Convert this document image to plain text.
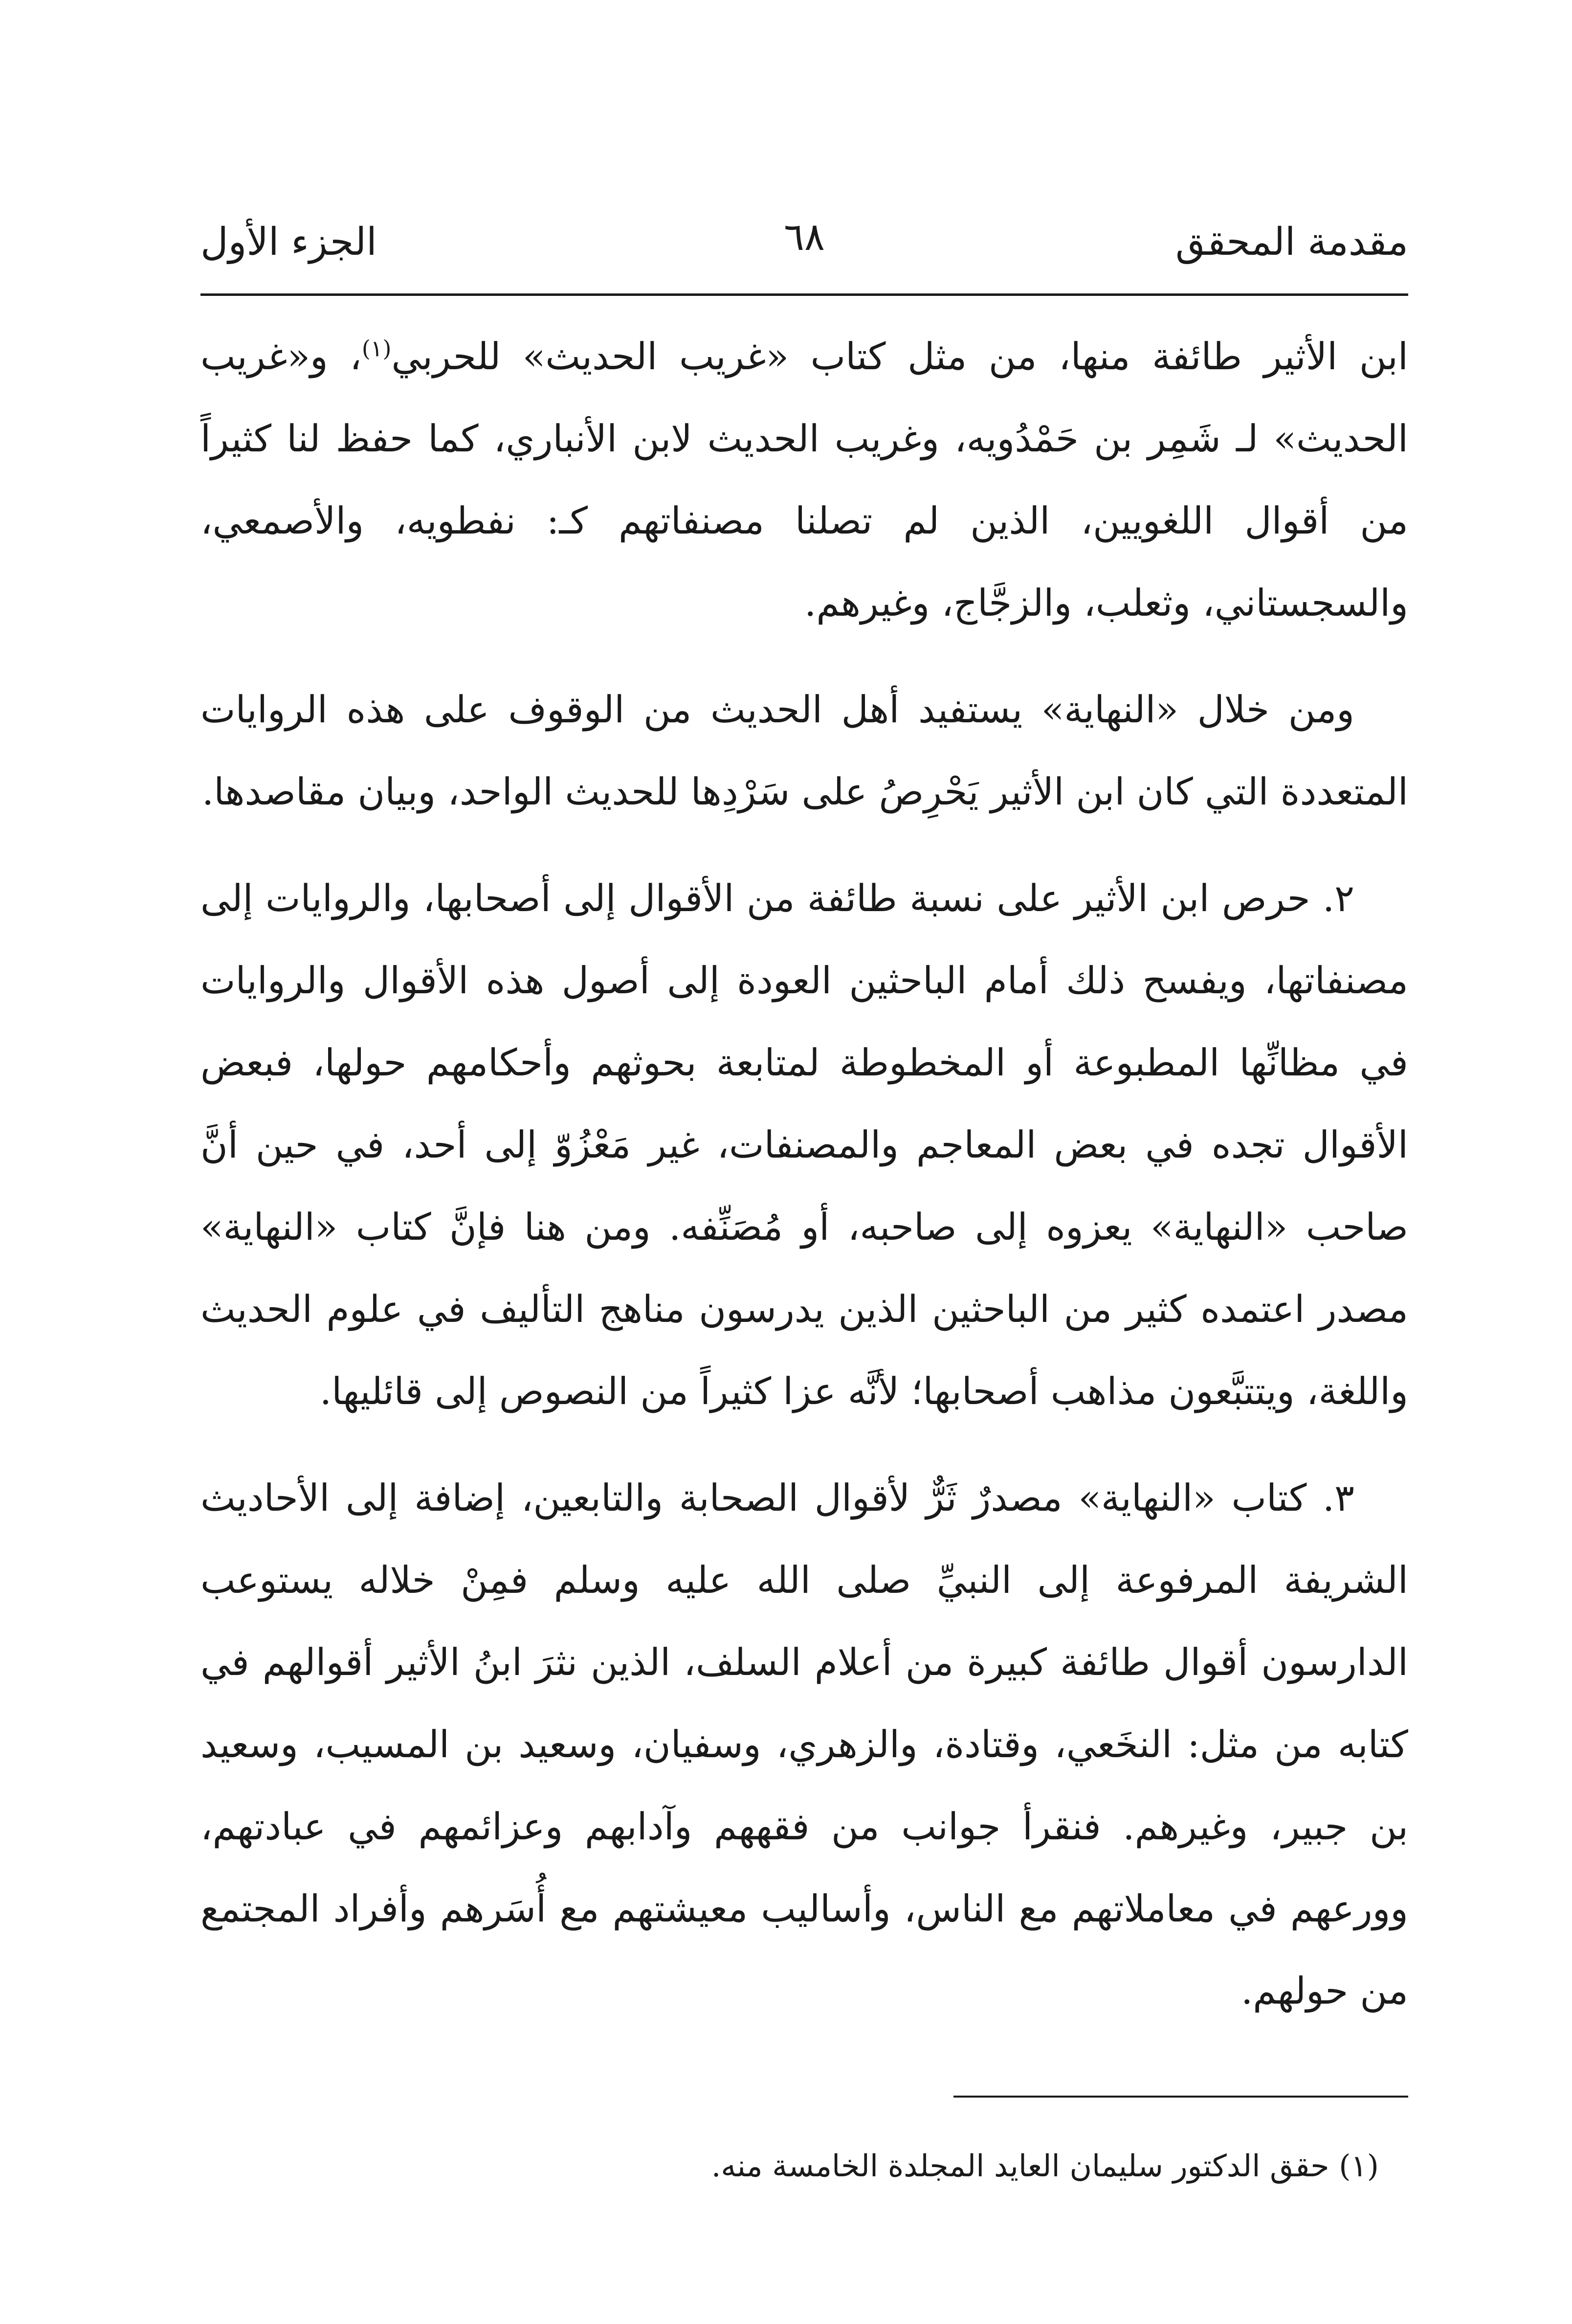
مقدمة المحقق
٦٨
الجزء الأول

ابن الأثير طائفة منها، من مثل كتاب «غريب الحديث» للحربي$^{(١)}$، و«غريب الحديث» لـ شَمِر بن حَمْدُويه، وغريب الحديث لابن الأنباري، كما حفظ لنا كثيراً من أقوال اللغويين، الذين لم تصلنا مصنفاتهم كـ: نفطويه، والأصمعي، والسجستاني، وثعلب، والزجَّاج، وغيرهم.

ومن خلال «النهاية» يستفيد أهل الحديث من الوقوف على هذه الروايات المتعددة التي كان ابن الأثير يَحْرِصُ على سَرْدِها للحديث الواحد، وبيان مقاصدها.

٢. حرص ابن الأثير على نسبة طائفة من الأقوال إلى أصحابها، والروايات إلى مصنفاتها، ويفسح ذلك أمام الباحثين العودة إلى أصول هذه الأقوال والروايات في مظانِّها المطبوعة أو المخطوطة لمتابعة بحوثهم وأحكامهم حولها، فبعض الأقوال تجده في بعض المعاجم والمصنفات، غير مَعْزُوّ إلى أحد، في حين أنَّ صاحب «النهاية» يعزوه إلى صاحبه، أو مُصَنِّفه. ومن هنا فإنَّ كتاب «النهاية» مصدر اعتمده كثير من الباحثين الذين يدرسون مناهج التأليف في علوم الحديث واللغة، ويتتبَّعون مذاهب أصحابها؛ لأنَّه عزا كثيراً من النصوص إلى قائليها.

٣. كتاب «النهاية» مصدرٌ ثَرٌّ لأقوال الصحابة والتابعين، إضافة إلى الأحاديث الشريفة المرفوعة إلى النبيِّ صلى الله عليه وسلم فمِنْ خلاله يستوعب الدارسون أقوال طائفة كبيرة من أعلام السلف، الذين نثرَ ابنُ الأثير أقوالهم في كتابه من مثل: النخَعي، وقتادة، والزهري، وسفيان، وسعيد بن المسيب، وسعيد بن جبير، وغيرهم. فنقرأ جوانب من فقههم وآدابهم وعزائمهم في عبادتهم، وورعهم في معاملاتهم مع الناس، وأساليب معيشتهم مع أُسَرهم وأفراد المجتمع من حولهم.

(١) حقق الدكتور سليمان العايد المجلدة الخامسة منه.
